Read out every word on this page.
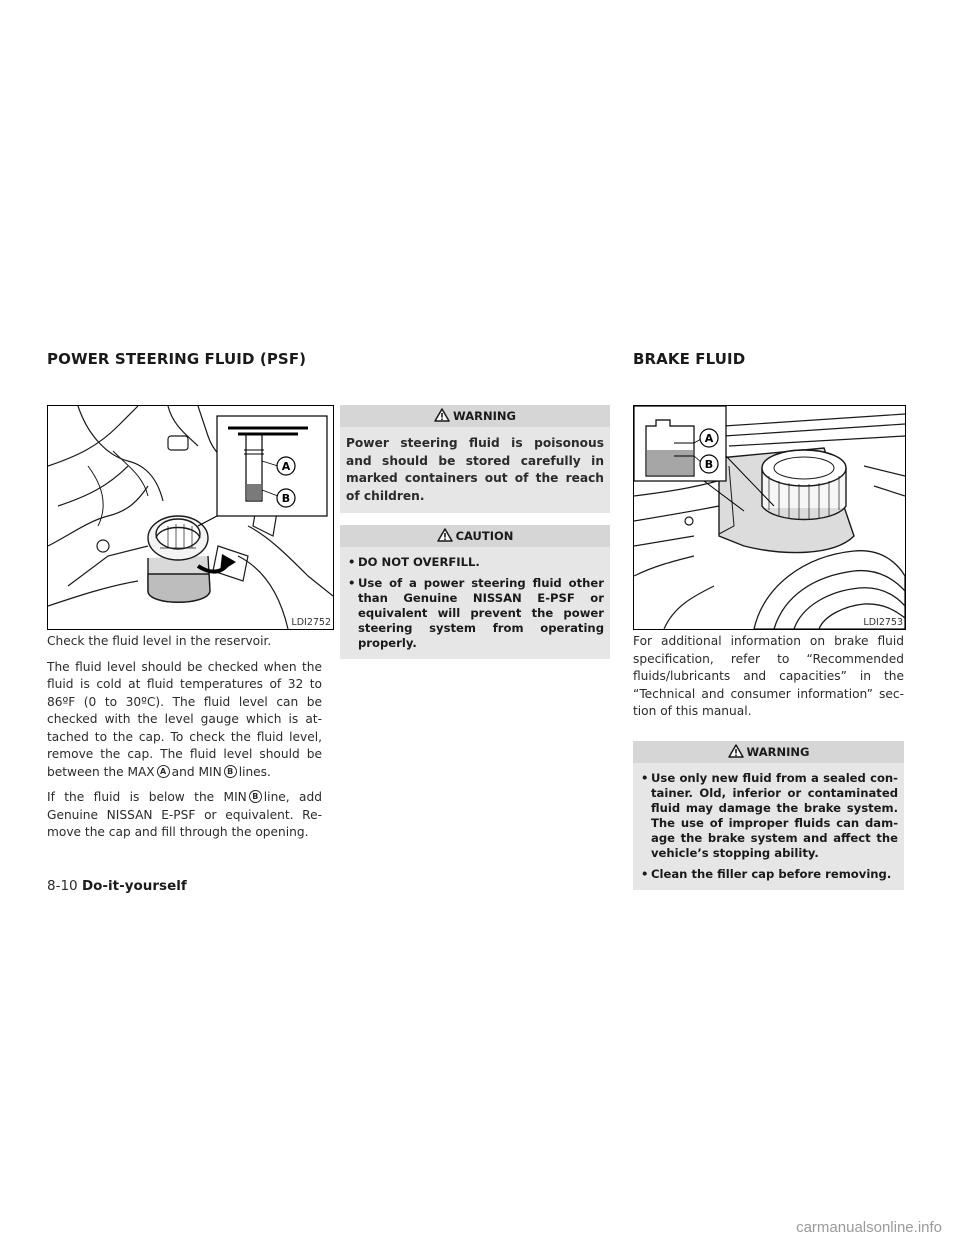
POWER STEERING FLUID (PSF)	BRAKE FLUID
A
B
LDI2752
A
B
LDI2753

Check the fluid level in the reservoir.

The fluid level should be checked when the fluid is cold at fluid temperatures of 32 to 86ºF (0 to 30ºC). The fluid level can be checked with the level gauge which is at-tached to the cap. To check the fluid level, remove the cap. The fluid level should be between the MAX A and MIN B lines.

If the fluid is below the MIN B line, add Genuine NISSAN E-PSF or equivalent. Re-move the cap and fill through the opening.

WARNING

Power steering fluid is poisonous and should be stored carefully in marked containers out of the reach of children.

CAUTION
• DO NOT OVERFILL.
• Use of a power steering fluid other than Genuine NISSAN E-PSF or equivalent will prevent the power steering system from operating properly.	For additional information on brake fluid specification, refer to “Recommended fluids/lubricants and capacities” in the “Technical and consumer information” sec-tion of this manual.

WARNING
• Use only new fluid from a sealed con-tainer. Old, inferior or contaminated fluid may damage the brake system. The use of improper fluids can dam-age the brake system and affect the vehicle’s stopping ability.
• Clean the filler cap before removing.
8-10 Do-it-yourself
carmanualsonline.info
